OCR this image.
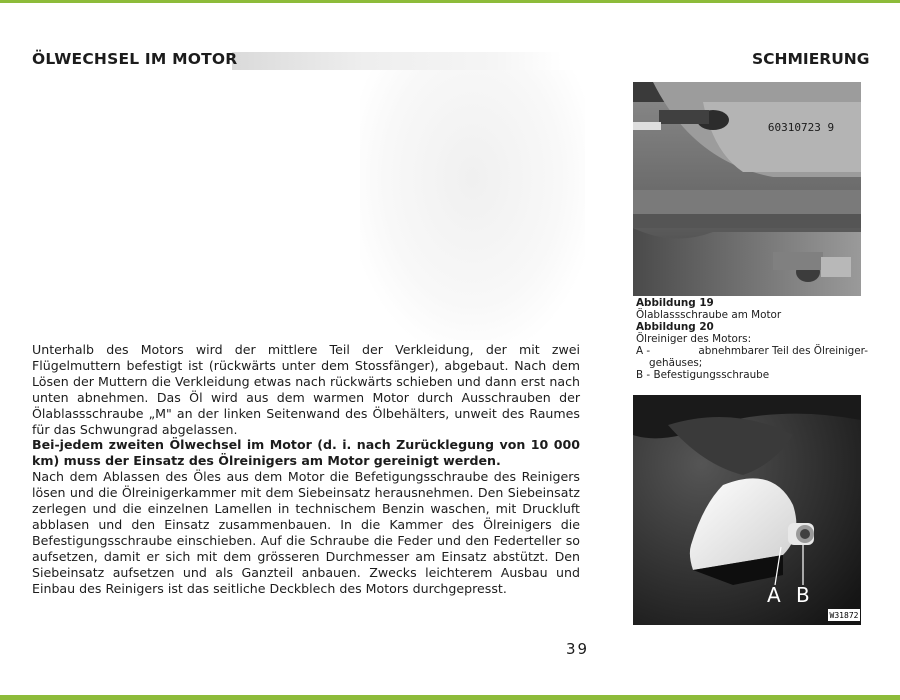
ÖLWECHSEL IM MOTOR	SCHMIERUNG
60310723 9
Abbildung 19
Ölablassschraube am Motor
Abbildung 20
Ölreiniger des Motors:
A -	abnehmbarer Teil des Ölreiniger-
gehäuses;
B - Befestigungsschraube
A B
W31872

Unterhalb des Motors wird der mittlere Teil der Verkleidung, der mit zwei Flügelmuttern befestigt ist (rückwärts unter dem Stossfänger), abgebaut. Nach dem Lösen der Muttern die Verkleidung etwas nach rückwärts schieben und dann erst nach unten abnehmen. Das Öl wird aus dem warmen Motor durch Ausschrauben der Ölablassschraube „M" an der linken Seitenwand des Ölbehälters, unweit des Raumes für das Schwungrad abgelassen.

Bei-jedem zweiten Ölwechsel im Motor (d. i. nach Zurücklegung von 10 000 km) muss der Einsatz des Ölreinigers am Motor gereinigt werden.

Nach dem Ablassen des Öles aus dem Motor die Befetigungsschraube des Reinigers lösen und die Ölreinigerkammer mit dem Siebeinsatz herausnehmen. Den Siebeinsatz zerlegen und die einzelnen Lamellen in technischem Benzin waschen, mit Druckluft abblasen und den Einsatz zusammenbauen. In die Kammer des Ölreinigers die Befestigungsschraube einschieben. Auf die Schraube die Feder und den Federteller so aufsetzen, damit er sich mit dem grösseren Durchmesser am Einsatz abstützt. Den Siebeinsatz aufsetzen und als Ganzteil anbauen. Zwecks leichterem Ausbau und Einbau des Reinigers ist das seitliche Deckblech des Motors durchgepresst.

39
